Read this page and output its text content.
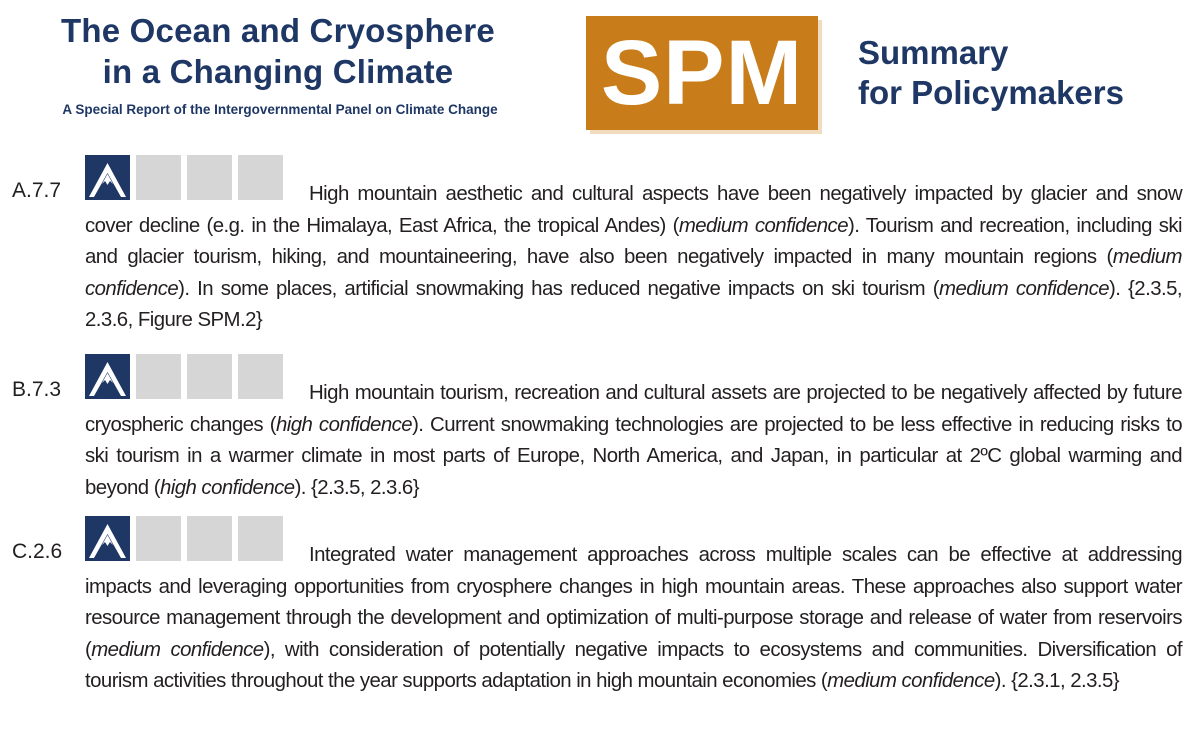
The Ocean and Cryosphere
in a Changing Climate
A Special Report of the Intergovernmental Panel on Climate Change	SPM Summary
for Policymakers
A.7.7	High mountain aesthetic and cultural aspects have been negatively impacted by glacier and snow cover decline (e.g. in the Himalaya, East Africa, the tropical Andes) (medium confidence). Tourism and recreation, including ski and glacier tourism, hiking, and mountaineering, have also been negatively impacted in many mountain regions (medium confidence). In some places, artificial snowmaking has reduced negative impacts on ski tourism (medium confidence). {2.3.5, 2.3.6, Figure SPM.2}
B.7.3	High mountain tourism, recreation and cultural assets are projected to be negatively affected by future cryospheric changes (high confidence). Current snowmaking technologies are projected to be less effective in reducing risks to ski tourism in a warmer climate in most parts of Europe, North America, and Japan, in particular at 2ºC global warming and beyond (high confidence). {2.3.5, 2.3.6}
C.2.6	Integrated water management approaches across multiple scales can be effective at addressing impacts and leveraging opportunities from cryosphere changes in high mountain areas. These approaches also support water resource management through the development and optimization of multi-purpose storage and release of water from reservoirs (medium confidence), with consideration of potentially negative impacts to ecosystems and communities. Diversification of tourism activities throughout the year supports adaptation in high mountain economies (medium confidence). {2.3.1, 2.3.5}
